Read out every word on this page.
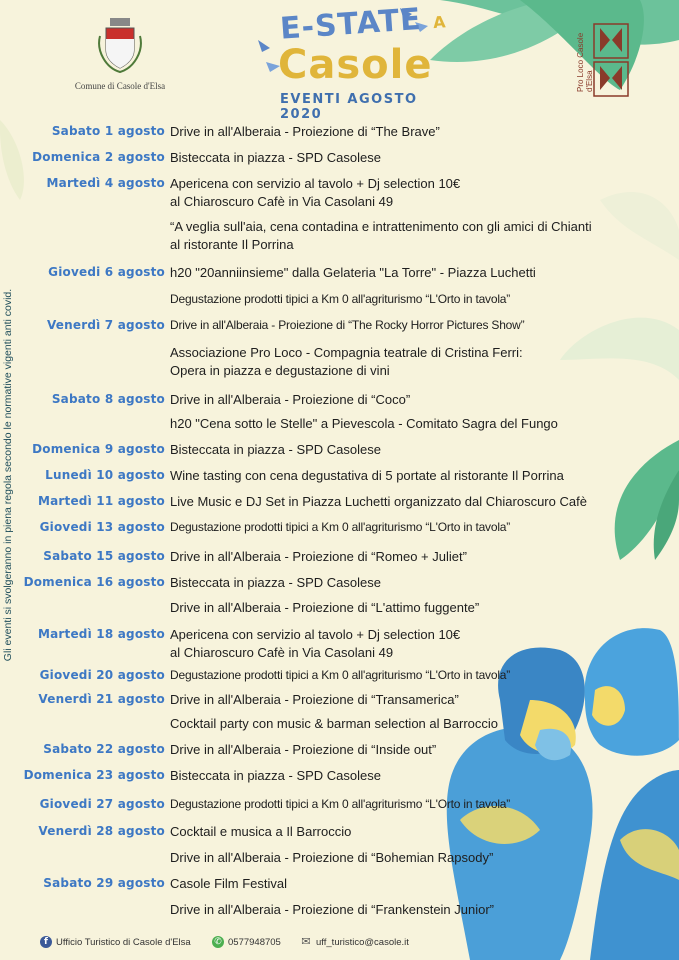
Comune di Casole d'Elsa
E-STATE A
Casole
EVENTI AGOSTO 2020
Pro Loco Casole d'Elsa
Gli eventi si svolgeranno in piena regola secondo le normative vigenti anti covid.
Sabato 1 agosto Drive in all'Alberaia - Proiezione di “The Brave”
Domenica 2 agosto Bisteccata in piazza - SPD Casolese
Martedì 4 agosto Apericena con servizio al tavolo + Dj selection 10€
al Chiaroscuro Cafè in Via Casolani 49
“A veglia sull'aia, cena contadina e intrattenimento con gli amici di Chianti
al ristorante Il Porrina
Giovedi 6 agosto h20 "20anniinsieme" dalla Gelateria "La Torre" - Piazza Luchetti
Degustazione prodotti tipici a Km 0 all'agriturismo “L'Orto in tavola”
Venerdì 7 agosto Drive in all'Alberaia - Proiezione di “The Rocky Horror Pictures Show”
Associazione Pro Loco - Compagnia teatrale di Cristina Ferri:
Opera in piazza e degustazione di vini
Sabato 8 agosto Drive in all'Alberaia - Proiezione di “Coco”
h20 "Cena sotto le Stelle" a Pievescola - Comitato Sagra del Fungo
Domenica 9 agosto Bisteccata in piazza - SPD Casolese
Lunedì 10 agosto Wine tasting con cena degustativa di 5 portate al ristorante Il Porrina
Martedì 11 agosto Live Music e DJ Set in Piazza Luchetti organizzato dal Chiaroscuro Cafè
Giovedi 13 agosto Degustazione prodotti tipici a Km 0 all'agriturismo “L'Orto in tavola”
Sabato 15 agosto Drive in all'Alberaia - Proiezione di “Romeo + Juliet”
Domenica 16 agosto Bisteccata in piazza - SPD Casolese
Drive in all'Alberaia - Proiezione di “L'attimo fuggente”
Martedì 18 agosto Apericena con servizio al tavolo + Dj selection 10€
al Chiaroscuro Cafè in Via Casolani 49
Giovedi 20 agosto Degustazione prodotti tipici a Km 0 all'agriturismo “L'Orto in tavola”
Venerdì 21 agosto Drive in all'Alberaia - Proiezione di “Transamerica”
Cocktail party con music & barman selection al Barroccio
Sabato 22 agosto Drive in all'Alberaia - Proiezione di “Inside out”
Domenica 23 agosto Bisteccata in piazza - SPD Casolese
Giovedi 27 agosto Degustazione prodotti tipici a Km 0 all'agriturismo “L'Orto in tavola”
Venerdì 28 agosto Cocktail e musica a Il Barroccio
Drive in all'Alberaia - Proiezione di “Bohemian Rapsody”
Sabato 29 agosto Casole Film Festival
Drive in all'Alberaia - Proiezione di “Frankenstein Junior”
f Ufficio Turistico di Casole d'Elsa	✆ 0577948705 ✉ uff_turistico@casole.it
